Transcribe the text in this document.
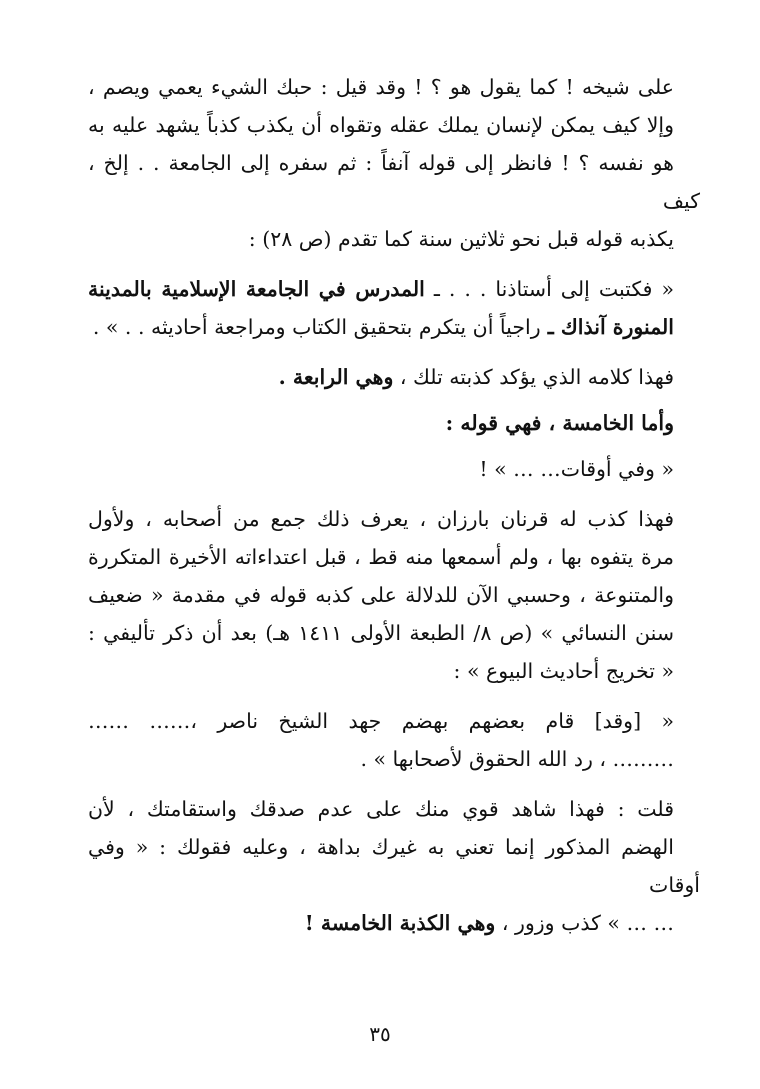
على شيخه ! كما يقول هو ؟ ! وقد قيل : حبك الشيء يعمي ويصم ،
وإلا كيف يمكن لإنسان يملك عقله وتقواه أن يكذب كذباً يشهد عليه به
هو نفسه ؟ ! فانظر إلى قوله آنفاً : ثم سفره إلى الجامعة . . إلخ ، كيف
يكذبه قوله قبل نحو ثلاثين سنة كما تقدم (ص ٢٨) :

« فكتبت إلى أستاذنا . . . ـ المدرس في الجامعة الإسلامية بالمدينة
المنورة آنذاك ـ راجياً أن يتكرم بتحقيق الكتاب ومراجعة أحاديثه . . » .

فهذا كلامه الذي يؤكد كذبته تلك ، وهي الرابعة .

وأما الخامسة ، فهي قوله :

« وفي أوقات… … » !

فهذا كذب له قرنان بارزان ، يعرف ذلك جمع من أصحابه ، ولأول
مرة يتفوه بها ، ولم أسمعها منه قط ، قبل اعتداءاته الأخيرة المتكررة
والمتنوعة ، وحسبي الآن للدلالة على كذبه قوله في مقدمة « ضعيف
سنن النسائي » (ص ٨/ الطبعة الأولى ١٤١١ هـ) بعد أن ذكر تأليفي :
« تخريج أحاديث البيوع » :

« [وقد] قام بعضهم بهضم جهد الشيخ ناصر ،…… ……
……… ، رد الله الحقوق لأصحابها » .

قلت : فهذا شاهد قوي منك على عدم صدقك واستقامتك ، لأن
الهضم المذكور إنما تعني به غيرك بداهة ، وعليه فقولك : « وفي أوقات
… … » كذب وزور ، وهي الكذبة الخامسة !

٣٥
